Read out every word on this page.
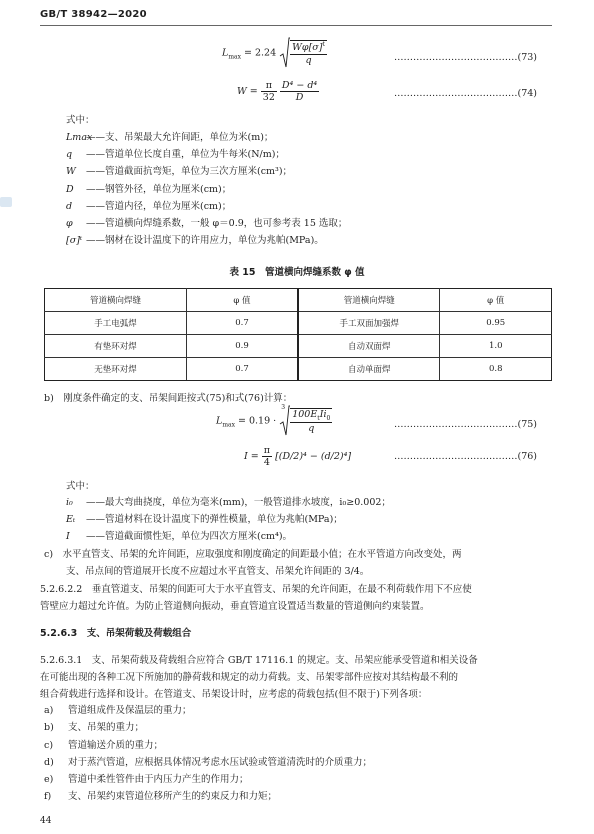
GB/T 38942—2020
$L_{max} = 2.24 \frac{W\varphi[\sigma]^t}{q}$	…………………………………(73)
$W = \frac{\pi}{32}$
$\frac{\text{D⁴ − d⁴}}{D}$	…………………………………(74)
式中：
Lmax——支、吊架最大允许间距，单位为米(m)；
q ——管道单位长度自重，单位为牛每米(N/m)；
W ——管道截面抗弯矩，单位为三次方厘米(cm³)；
D ——钢管外径，单位为厘米(cm)；
d ——管道内径，单位为厘米(cm)；
φ ——管道横向焊缝系数，一般 φ＝0.9，也可参考表 15 选取；
[σ]ᵗ ——钢材在设计温度下的许用应力，单位为兆帕(MPa)。
表 15　管道横向焊缝系数 φ 值
管道横向焊缝	φ 值	管道横向焊缝	φ 值
手工电弧焊	0.7	手工双面加强焊	0.95
有垫环对焊	0.9	自动双面焊	1.0
无垫环对焊	0.7	自动单面焊	0.8
b)　刚度条件确定的支、吊架间距按式(75)和式(76)计算：
$L_{max} = 0.19$ ·
3
$\frac{100E_tIi_0}{q}$	…………………………………(75)
$I = \frac{\pi}{4} [(D/2)^4 - (d/2)^4]$	…………………………………(76)
式中：
i₀ ——最大弯曲挠度，单位为毫米(mm)，一般管道排水坡度，i₀≥0.002；
Eₜ ——管道材料在设计温度下的弹性模量，单位为兆帕(MPa)；
I ——管道截面惯性矩，单位为四次方厘米(cm⁴)。
c)　水平直管支、吊架的允许间距，应取强度和刚度确定的间距最小值；在水平管道方向改变处，两
支、吊点间的管道展开长度不应超过水平直管支、吊架允许间距的 3/4。
5.2.6.2.2　垂直管道支、吊架的间距可大于水平直管支、吊架的允许间距，在最不利荷载作用下不应使
管壁应力超过允许值。为防止管道侧向振动，垂直管道宜设置适当数量的管道侧向约束装置。
5.2.6.3　支、吊架荷载及荷载组合
5.2.6.3.1　支、吊架荷载及荷载组合应符合 GB/T 17116.1 的规定。支、吊架应能承受管道和相关设备
在可能出现的各种工况下所施加的静荷载和规定的动力荷载。支、吊架零部件应按对其结构最不利的
组合荷载进行选择和设计。在管道支、吊架设计时，应考虑的荷载包括(但不限于)下列各项：
a) 管道组成件及保温层的重力；
b) 支、吊架的重力；
c) 管道输送介质的重力；
d) 对于蒸汽管道，应根据具体情况考虑水压试验或管道清洗时的介质重力；
e) 管道中柔性管件由于内压力产生的作用力；
f) 支、吊架约束管道位移所产生的约束反力和力矩；
44
